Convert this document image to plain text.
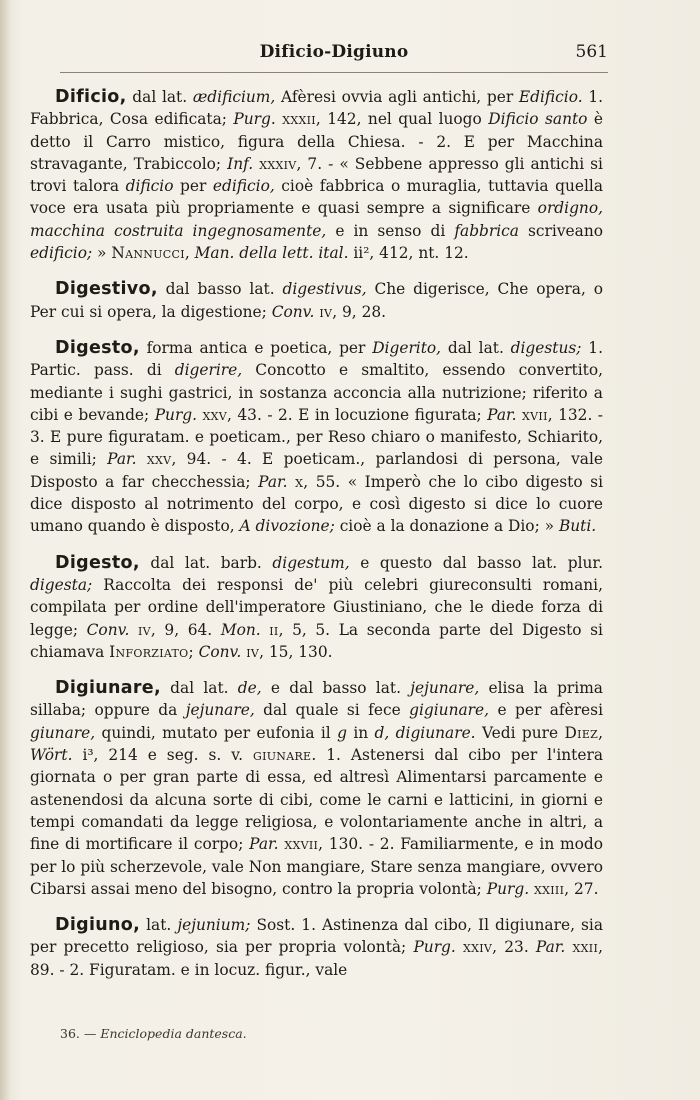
Dificio-Digiuno	561

Dificio, dal lat. ædificium, Afèresi ovvia agli antichi, per Edificio. 1. Fabbrica, Cosa edificata; Purg. xxxii, 142, nel qual luogo Dificio santo è detto il Carro mistico, figura della Chiesa. - 2. E per Macchina stravagante, Trabiccolo; Inf. xxxiv, 7. - « Sebbene appresso gli antichi si trovi talora dificio per edificio, cioè fabbrica o muraglia, tuttavia quella voce era usata più propriamente e quasi sempre a significare ordigno, macchina costruita ingegnosamente, e in senso di fabbrica scriveano edificio; » Nannucci, Man. della lett. ital. ii², 412, nt. 12.

Digestivo, dal basso lat. digestivus, Che digerisce, Che opera, o Per cui si opera, la digestione; Conv. iv, 9, 28.

Digesto, forma antica e poetica, per Digerito, dal lat. digestus; 1. Partic. pass. di digerire, Concotto e smaltito, essendo convertito, mediante i sughi gastrici, in sostanza acconcia alla nutrizione; riferito a cibi e bevande; Purg. xxv, 43. - 2. E in locuzione figurata; Par. xvii, 132. - 3. E pure figuratam. e poeticam., per Reso chiaro o manifesto, Schiarito, e simili; Par. xxv, 94. - 4. E poeticam., parlandosi di persona, vale Disposto a far checchessia; Par. x, 55. « Imperò che lo cibo digesto si dice disposto al notrimento del corpo, e così digesto si dice lo cuore umano quando è disposto, A divozione; cioè a la donazione a Dio; » Buti.

Digesto, dal lat. barb. digestum, e questo dal basso lat. plur. digesta; Raccolta dei responsi de' più celebri giureconsulti romani, compilata per ordine dell'imperatore Giustiniano, che le diede forza di legge; Conv. iv, 9, 64. Mon. ii, 5, 5. La seconda parte del Digesto si chiamava Inforziato; Conv. iv, 15, 130.

Digiunare, dal lat. de, e dal basso lat. jejunare, elisa la prima sillaba; oppure da jejunare, dal quale si fece gigiunare, e per afèresi giunare, quindi, mutato per eufonia il g in d, digiunare. Vedi pure Diez, Wört. i³, 214 e seg. s. v. giunare. 1. Astenersi dal cibo per l'intera giornata o per gran parte di essa, ed altresì Alimentarsi parcamente e astenendosi da alcuna sorte di cibi, come le carni e latticini, in giorni e tempi comandati da legge religiosa, e volontariamente anche in altri, a fine di mortificare il corpo; Par. xxvii, 130. - 2. Familiarmente, e in modo per lo più scherzevole, vale Non mangiare, Stare senza mangiare, ovvero Cibarsi assai meno del bisogno, contro la propria volontà; Purg. xxiii, 27.

Digiuno, lat. jejunium; Sost. 1. Astinenza dal cibo, Il digiunare, sia per precetto religioso, sia per propria volontà; Purg. xxiv, 23. Par. xxii, 89. - 2. Figuratam. e in locuz. figur., vale

36. — Enciclopedia dantesca.
